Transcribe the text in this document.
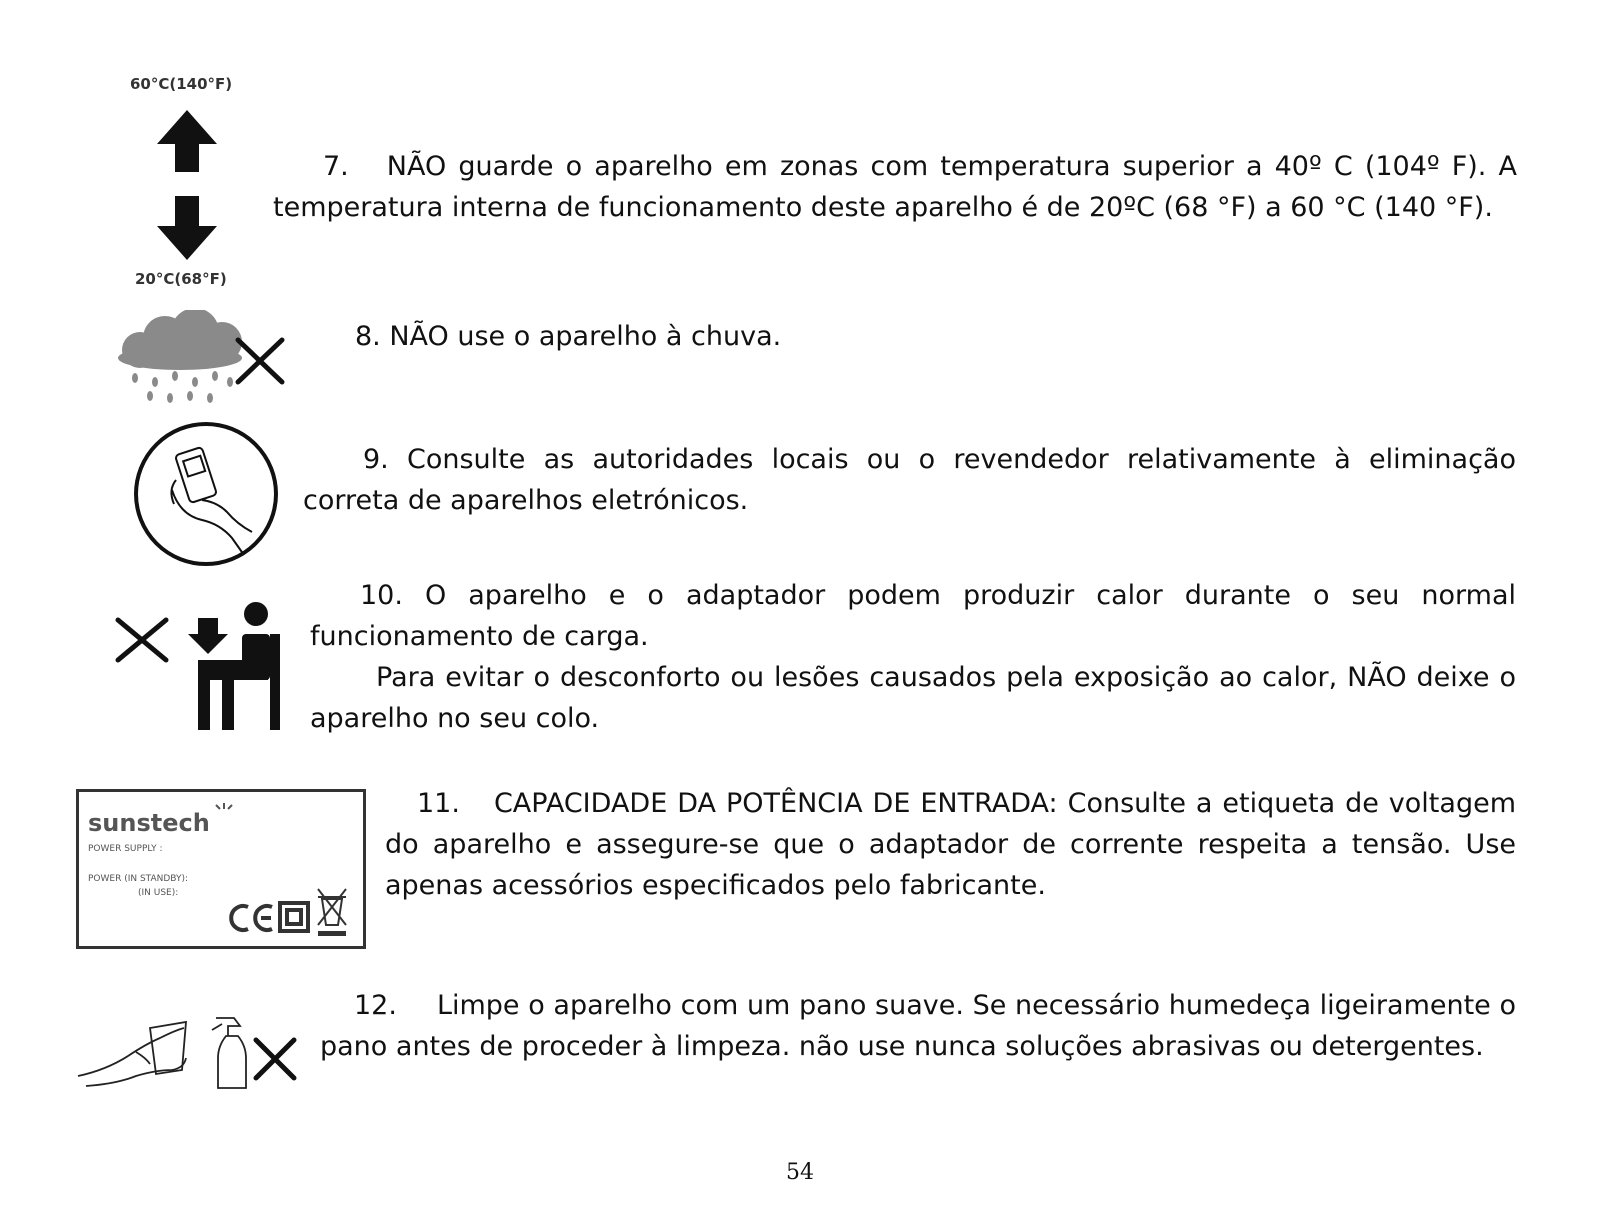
60°C(140°F)
20°C(68°F)

7. NÃO guarde o aparelho em zonas com temperatura superior a 40º C (104º F). A temperatura interna de funcionamento deste aparelho é de 20ºC (68 °F) a 60 °C (140 °F).

8. NÃO use o aparelho à chuva.

9. Consulte as autoridades locais ou o revendedor relativamente à eliminação correta de aparelhos eletrónicos.

10. O aparelho e o adaptador podem produzir calor durante o seu normal funcionamento de carga.

Para evitar o desconforto ou lesões causados pela exposição ao calor, NÃO deixe o aparelho no seu colo.

sunstech
POWER SUPPLY :
POWER (IN STANDBY):
(IN USE):

11. CAPACIDADE DA POTÊNCIA DE ENTRADA: Consulte a etiqueta de voltagem do aparelho e assegure-se que o adaptador de corrente respeita a tensão. Use apenas acessórios especificados pelo fabricante.

12. Limpe o aparelho com um pano suave. Se necessário humedeça ligeiramente o pano antes de proceder à limpeza. não use nunca soluções abrasivas ou detergentes.

54
